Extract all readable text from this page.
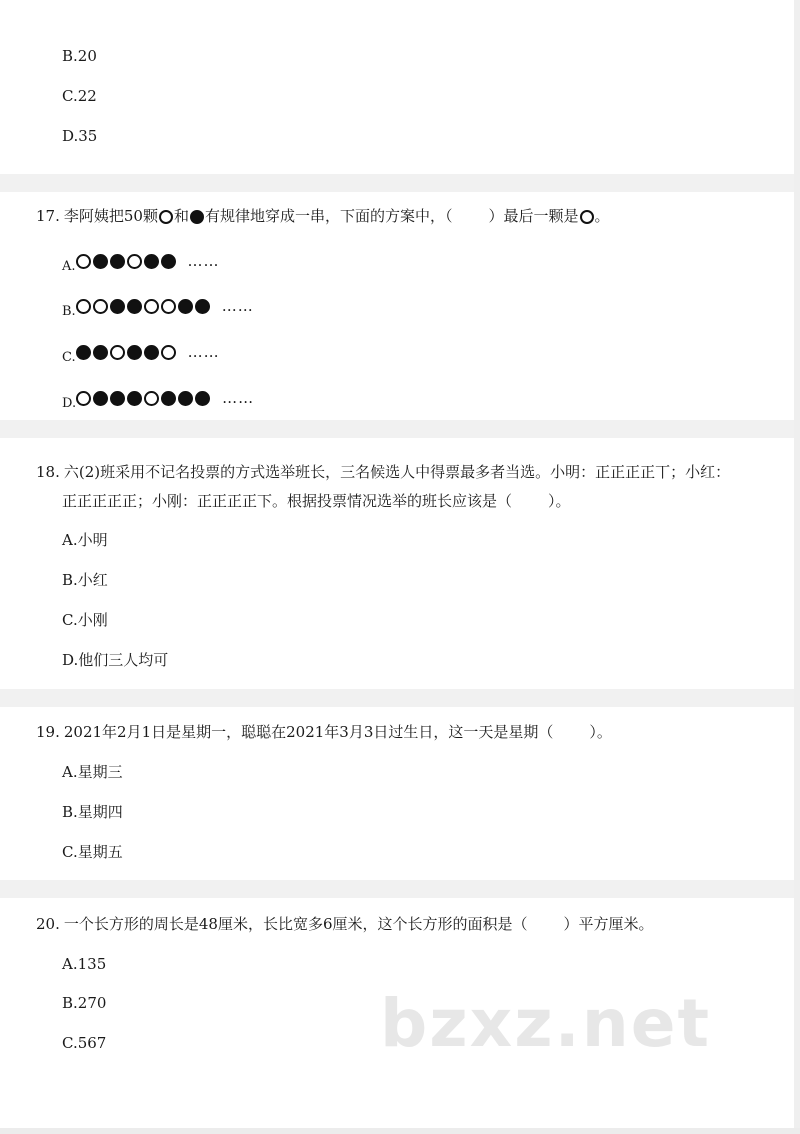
B.20
C.22
D.35
17. 李阿姨把50颗 和 有规律地穿成一串，下面的方案中，（ ）最后一颗是 。
A.	……
B.	……
C.	……
D.	……
18. 六(2)班采用不记名投票的方式选举班长，三名候选人中得票最多者当选。小明：正正正正丅；小红：
正正正正正；小刚：正正正正下。根据投票情况选举的班长应该是（ ）。
A.小明
B.小红
C.小刚
D.他们三人均可
19. 2021年2月1日是星期一，聪聪在2021年3月3日过生日，这一天是星期（ ）。
A.星期三
B.星期四
C.星期五
20. 一个长方形的周长是48厘米，长比宽多6厘米，这个长方形的面积是（ ）平方厘米。
A.135
B.270
C.567	bzxz.net
